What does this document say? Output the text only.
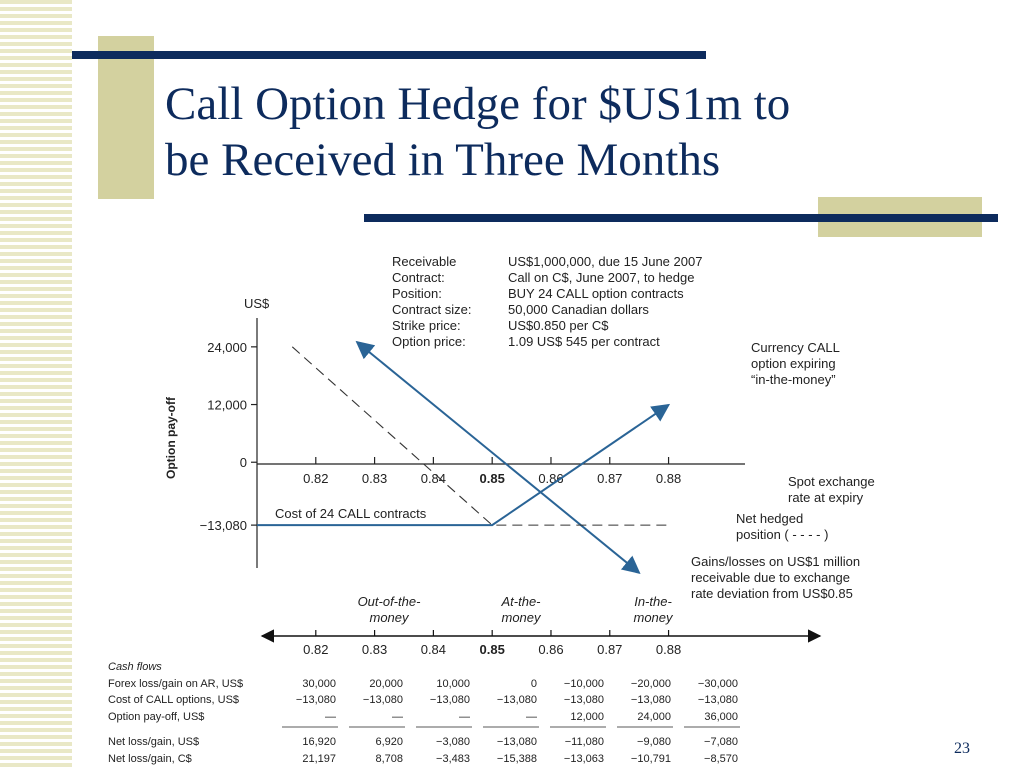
Call Option Hedge for $US1m to
be Received in Three Months
Receivable	US$1,000,000, due 15 June 2007
Contract:	Call on C$, June 2007, to hedge
Position:	BUY 24 CALL option contracts
Contract size:	50,000 Canadian dollars
Strike price:	US$0.850 per C$
Option price:	1.09 US$ 545 per contract
US$
Option pay-off
24,000
12,000
0
−13,080
0.82	0.83	0.84	0.85	0.86	0.87	0.88	Spot exchange
rate at expiry
Cost of 24 CALL contracts
Currency CALL
option expiring
“in-the-money”
Net hedged
position ( - - - - )
Gains/losses on US$1 million
receivable due to exchange
rate deviation from US$0.85
Out-of-the-
money
At-the-
money
In-the-
money
0.82	0.83	0.84	0.85	0.86	0.87	0.88
Cash flows
Forex loss/gain on AR, US$	30,000	20,000	10,000	0 −10,000 −20,000 −30,000
Cost of CALL options, US$	−13,080 −13,080 −13,080 −13,080 −13,080 −13,080 −13,080
Option pay-off, US$	—	—	—	—	12,000	24,000	36,000
Net loss/gain, US$	16,920	6,920	−3,080 −13,080	−11,080	−9,080	−7,080
Net loss/gain, C$	21,197	8,708	−3,483 −15,388 −13,063 −10,791	−8,570
23
